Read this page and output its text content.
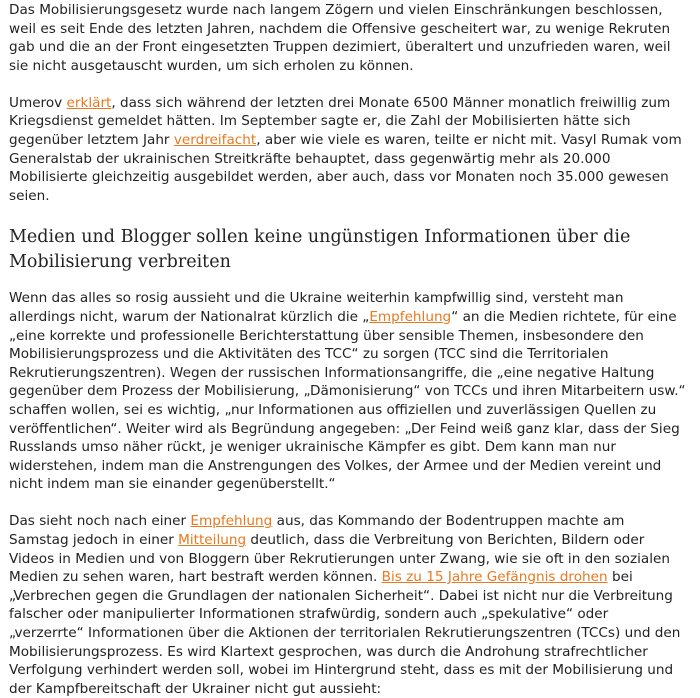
Das Mobilisierungsgesetz wurde nach langem Zögern und vielen Einschränkungen beschlossen, weil es seit Ende des letzten Jahren, nachdem die Offensive gescheitert war, zu wenige Rekruten gab und die an der Front eingesetzten Truppen dezimiert, überaltert und unzufrieden waren, weil sie nicht ausgetauscht wurden, um sich erholen zu können.

Umerov erklärt, dass sich während der letzten drei Monate 6500 Männer monatlich freiwillig zum Kriegsdienst gemeldet hätten. Im September sagte er, die Zahl der Mobilisierten hätte sich gegenüber letztem Jahr verdreifacht, aber wie viele es waren, teilte er nicht mit. Vasyl Rumak vom Generalstab der ukrainischen Streitkräfte behauptet, dass gegenwärtig mehr als 20.000 Mobilisierte gleichzeitig ausgebildet werden, aber auch, dass vor Monaten noch 35.000 gewesen seien.

Medien und Blogger sollen keine ungünstigen Informationen über die Mobilisierung verbreiten

Wenn das alles so rosig aussieht und die Ukraine weiterhin kampfwillig sind, versteht man allerdings nicht, warum der Nationalrat kürzlich die „Empfehlung“ an die Medien richtete, für eine „eine korrekte und professionelle Berichterstattung über sensible Themen, insbesondere den Mobilisierungsprozess und die Aktivitäten des TCC“ zu sorgen (TCC sind die Territorialen Rekrutierungszentren). Wegen der russischen Informationsangriffe, die „eine negative Haltung gegenüber dem Prozess der Mobilisierung, „Dämonisierung“ von TCCs und ihren Mitarbeitern usw.“ schaffen wollen, sei es wichtig, „nur Informationen aus offiziellen und zuverlässigen Quellen zu veröffentlichen“. Weiter wird als Begründung angegeben: „Der Feind weiß ganz klar, dass der Sieg Russlands umso näher rückt, je weniger ukrainische Kämpfer es gibt. Dem kann man nur widerstehen, indem man die Anstrengungen des Volkes, der Armee und der Medien vereint und nicht indem man sie einander gegenüberstellt.“

Das sieht noch nach einer Empfehlung aus, das Kommando der Bodentruppen machte am Samstag jedoch in einer Mitteilung deutlich, dass die Verbreitung von Berichten, Bildern oder Videos in Medien und von Bloggern über Rekrutierungen unter Zwang, wie sie oft in den sozialen Medien zu sehen waren, hart bestraft werden können. Bis zu 15 Jahre Gefängnis drohen bei „Verbrechen gegen die Grundlagen der nationalen Sicherheit“. Dabei ist nicht nur die Verbreitung falscher oder manipulierter Informationen strafwürdig, sondern auch „spekulative“ oder „verzerrte“ Informationen über die Aktionen der territorialen Rekrutierungszentren (TCCs) und den Mobilisierungsprozess. Es wird Klartext gesprochen, was durch die Androhung strafrechtlicher Verfolgung verhindert werden soll, wobei im Hintergrund steht, dass es mit der Mobilisierung und der Kampfbereitschaft der Ukrainer nicht gut aussieht:
